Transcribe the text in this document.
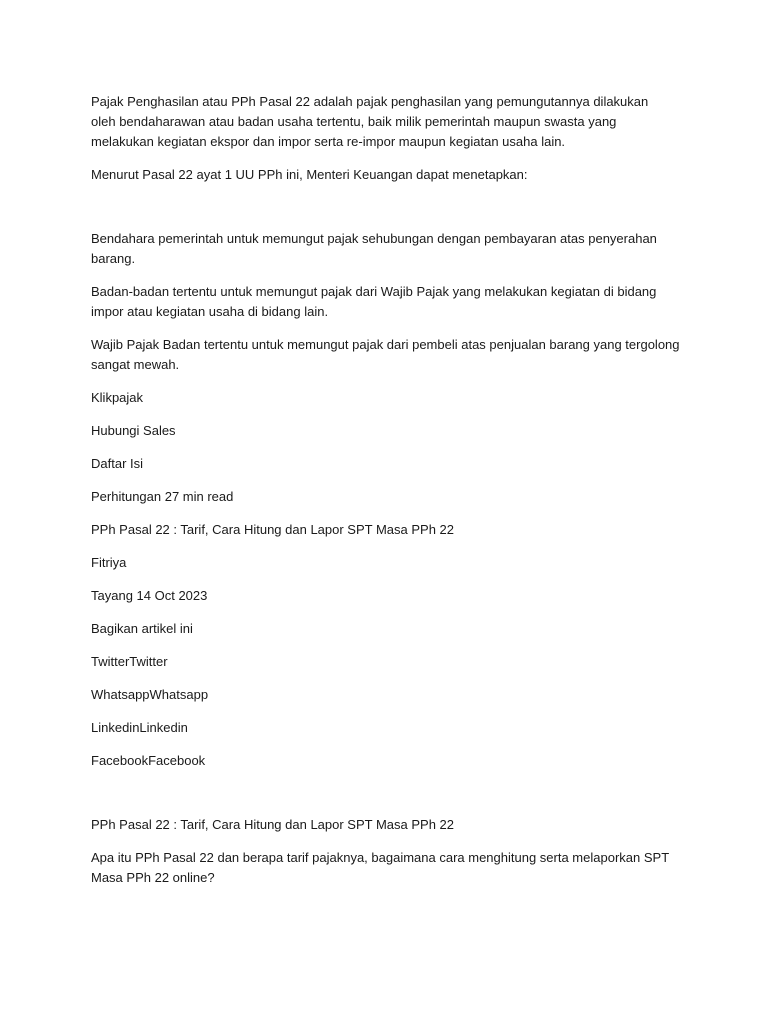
Pajak Penghasilan atau PPh Pasal 22 adalah pajak penghasilan yang pemungutannya dilakukan oleh bendaharawan atau badan usaha tertentu, baik milik pemerintah maupun swasta yang melakukan kegiatan ekspor dan impor serta re-impor maupun kegiatan usaha lain.

Menurut Pasal 22 ayat 1 UU PPh ini, Menteri Keuangan dapat menetapkan:

Bendahara pemerintah untuk memungut pajak sehubungan dengan pembayaran atas penyerahan barang.

Badan-badan tertentu untuk memungut pajak dari Wajib Pajak yang melakukan kegiatan di bidang impor atau kegiatan usaha di bidang lain.

Wajib Pajak Badan tertentu untuk memungut pajak dari pembeli atas penjualan barang yang tergolong sangat mewah.

Klikpajak

Hubungi Sales

Daftar Isi

Perhitungan 27 min read

PPh Pasal 22 : Tarif, Cara Hitung dan Lapor SPT Masa PPh 22

Fitriya

Tayang 14 Oct 2023

Bagikan artikel ini

TwitterTwitter

WhatsappWhatsapp

LinkedinLinkedin

FacebookFacebook

PPh Pasal 22 : Tarif, Cara Hitung dan Lapor SPT Masa PPh 22

Apa itu PPh Pasal 22 dan berapa tarif pajaknya, bagaimana cara menghitung serta melaporkan SPT Masa PPh 22 online?
